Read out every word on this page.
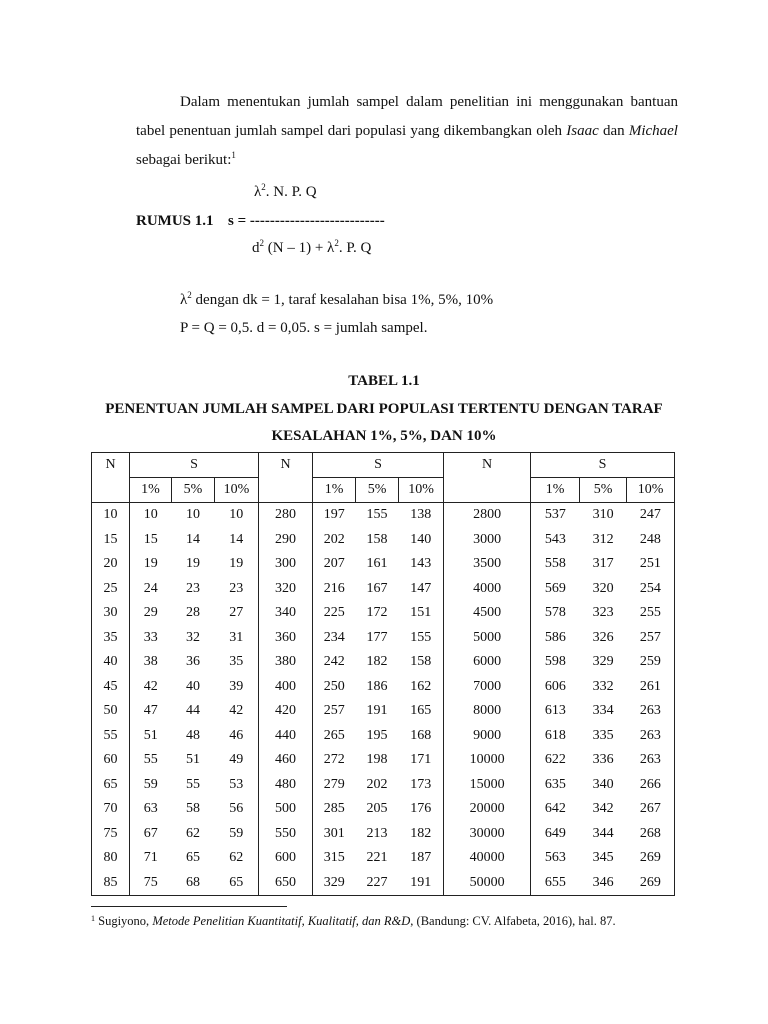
Dalam menentukan jumlah sampel dalam penelitian ini menggunakan bantuan tabel penentuan jumlah sampel dari populasi yang dikembangkan oleh Isaac dan Michael sebagai berikut:$^1$

$\lambda^2$. N. P. Q
RUMUS 1.1 s = ---------------------------
$d^2$ $(N - 1) + \lambda^2$. P. Q
$\lambda^2$ dengan dk = 1, taraf kesalahan bisa 1%, 5%, 10%
P = Q = 0,5. d = 0,05. s = jumlah sampel.
TABEL 1.1
PENENTUAN JUMLAH SAMPEL DARI POPULASI TERTENTU DENGAN TARAF
KESALAHAN 1%, 5%, DAN 10%
N	S			N	S			N	S		
	1%	5%	10%		1%	5%	10%		1%	5%	10%
10	10	10	10	280	197	155	138	2800	537	310	247
15	15	14	14	290	202	158	140	3000	543	312	248
20	19	19	19	300	207	161	143	3500	558	317	251
25	24	23	23	320	216	167	147	4000	569	320	254
30	29	28	27	340	225	172	151	4500	578	323	255
35	33	32	31	360	234	177	155	5000	586	326	257
40	38	36	35	380	242	182	158	6000	598	329	259
45	42	40	39	400	250	186	162	7000	606	332	261
50	47	44	42	420	257	191	165	8000	613	334	263
55	51	48	46	440	265	195	168	9000	618	335	263
60	55	51	49	460	272	198	171	10000	622	336	263
65	59	55	53	480	279	202	173	15000	635	340	266
70	63	58	56	500	285	205	176	20000	642	342	267
75	67	62	59	550	301	213	182	30000	649	344	268
80	71	65	62	600	315	221	187	40000	563	345	269
85	75	68	65	650	329	227	191	50000	655	346	269
$^1$ Sugiyono, Metode Penelitian Kuantitatif, Kualitatif, dan R&D, (Bandung: CV. Alfabeta, 2016), hal. 87.
